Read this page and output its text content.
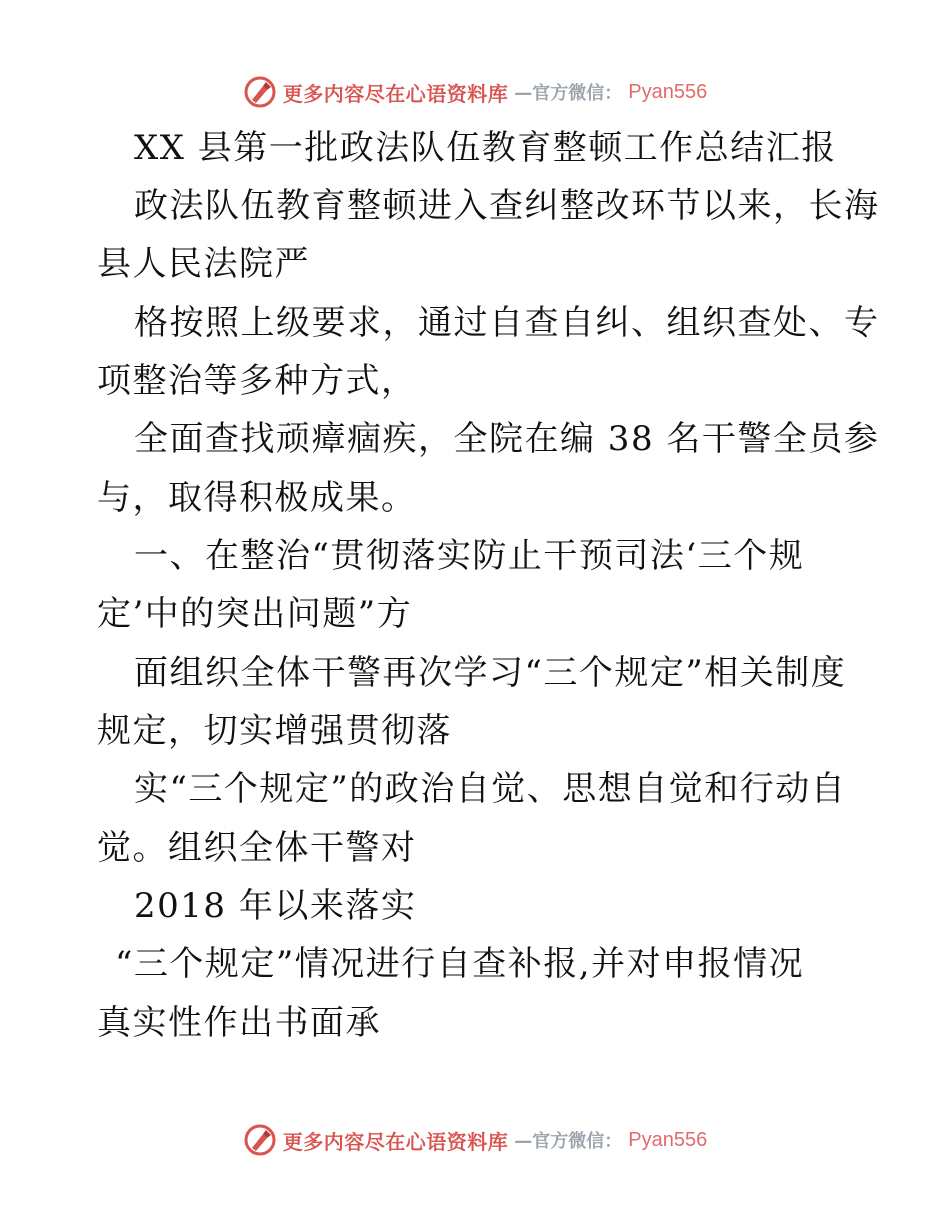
更多内容尽在心语资料库 —官方微信： Pyan556
XX 县第一批政法队伍教育整顿工作总结汇报
政法队伍教育整顿进入查纠整改环节以来，长海
县人民法院严
格按照上级要求，通过自查自纠、组织查处、专
项整治等多种方式，
全面查找顽瘴痼疾，全院在编 38 名干警全员参
与，取得积极成果。
一、在整治“贯彻落实防止干预司法‘三个规
定’中的突出问题”方
面组织全体干警再次学习“三个规定”相关制度
规定，切实增强贯彻落
实“三个规定”的政治自觉、思想自觉和行动自
觉。组织全体干警对
2018 年以来落实
“三个规定”情况进行自查补报,并对申报情况
真实性作出书面承
更多内容尽在心语资料库 —官方微信： Pyan556
